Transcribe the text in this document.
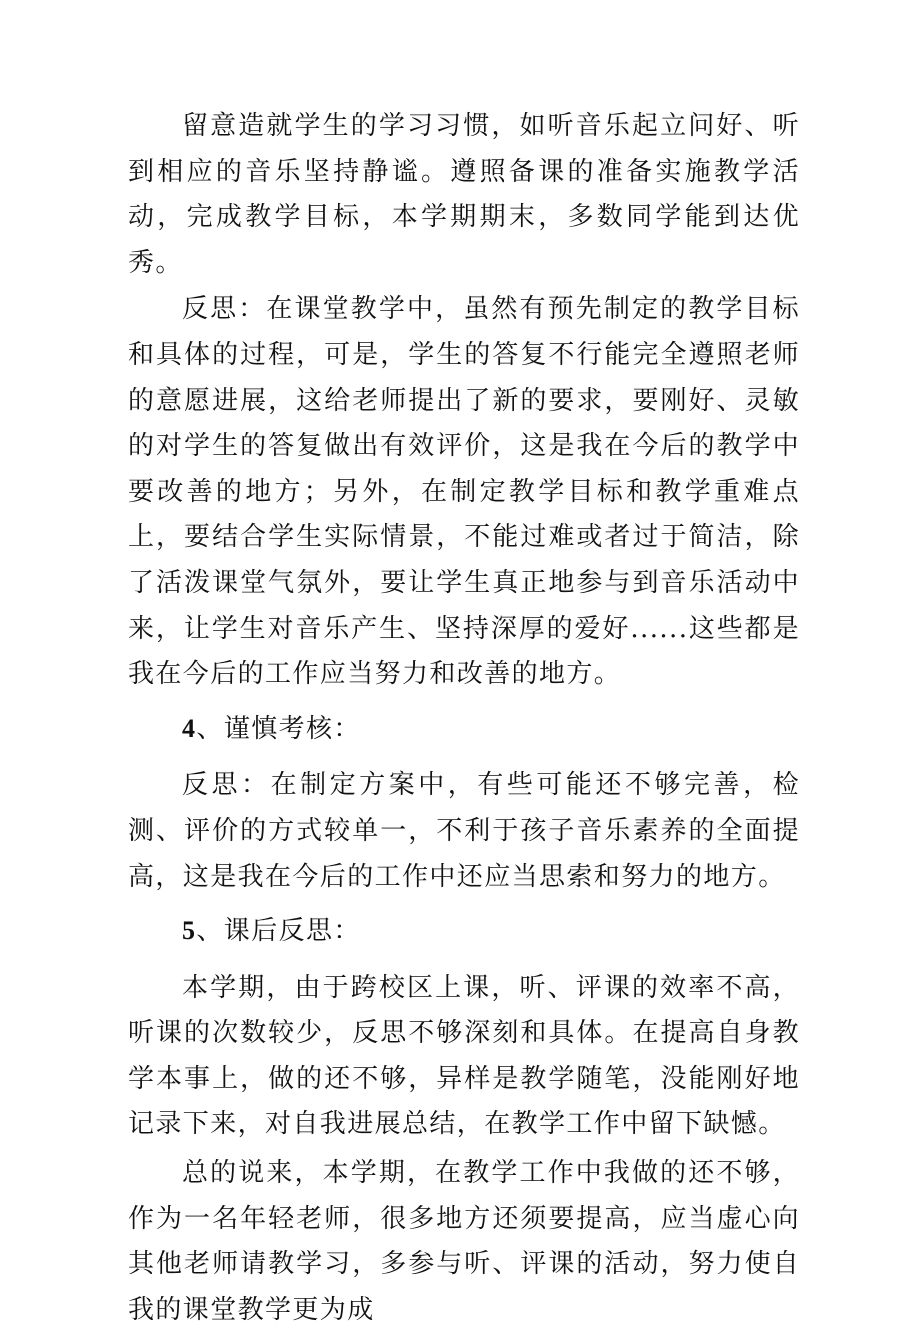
留意造就学生的学习习惯，如听音乐起立问好、听到相应的音乐坚持静谧。遵照备课的准备实施教学活动，完成教学目标，本学期期末，多数同学能到达优秀。

反思：在课堂教学中，虽然有预先制定的教学目标和具体的过程，可是，学生的答复不行能完全遵照老师的意愿进展，这给老师提出了新的要求，要刚好、灵敏的对学生的答复做出有效评价，这是我在今后的教学中要改善的地方；另外，在制定教学目标和教学重难点上，要结合学生实际情景，不能过难或者过于简洁，除了活泼课堂气氛外，要让学生真正地参与到音乐活动中来，让学生对音乐产生、坚持深厚的爱好......这些都是我在今后的工作应当努力和改善的地方。

4、谨慎考核：

反思：在制定方案中，有些可能还不够完善，检测、评价的方式较单一，不利于孩子音乐素养的全面提高，这是我在今后的工作中还应当思索和努力的地方。

5、课后反思：

本学期，由于跨校区上课，听、评课的效率不高，听课的次数较少，反思不够深刻和具体。在提高自身教学本事上，做的还不够，异样是教学随笔，没能刚好地记录下来，对自我进展总结，在教学工作中留下缺憾。

总的说来，本学期，在教学工作中我做的还不够，作为一名年轻老师，很多地方还须要提高，应当虚心向其他老师请教学习，多参与听、评课的活动，努力使自我的课堂教学更为成
